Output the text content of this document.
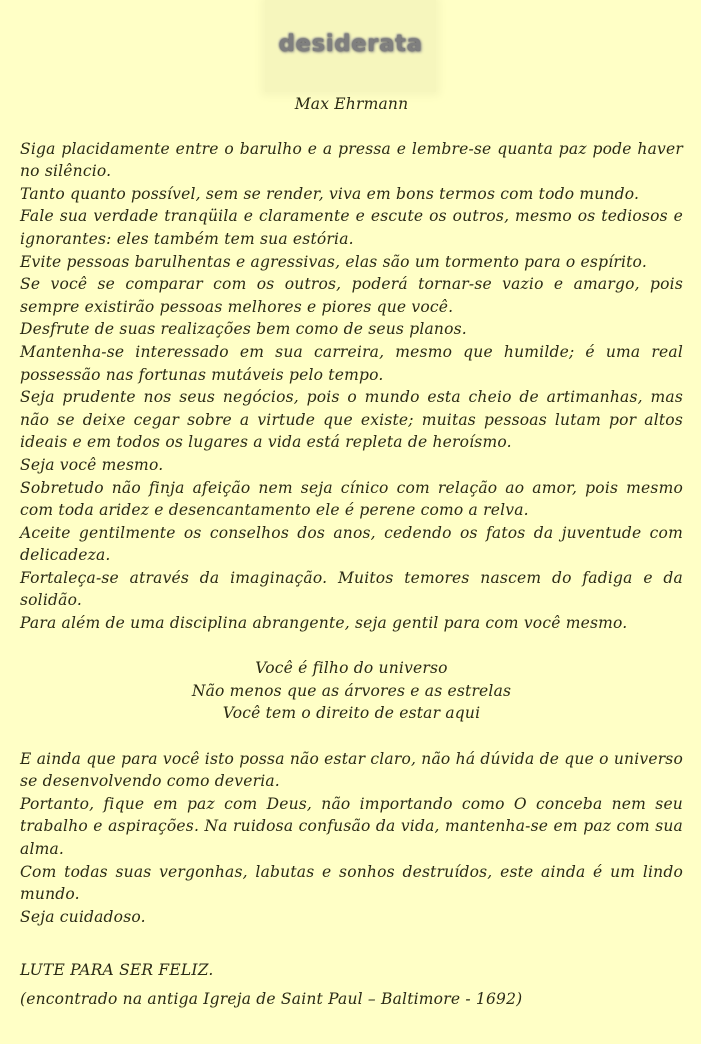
desiderata

Max Ehrmann

Siga placidamente entre o barulho e a pressa e lembre-se quanta paz pode haver no silêncio.

Tanto quanto possível, sem se render, viva em bons termos com todo mundo.

Fale sua verdade tranqüila e claramente e escute os outros, mesmo os tediosos e ignorantes: eles também tem sua estória.

Evite pessoas barulhentas e agressivas, elas são um tormento para o espírito.

Se você se comparar com os outros, poderá tornar-se vazio e amargo, pois sempre existirão pessoas melhores e piores que você.

Desfrute de suas realizações bem como de seus planos.

Mantenha-se interessado em sua carreira, mesmo que humilde; é uma real possessão nas fortunas mutáveis pelo tempo.

Seja prudente nos seus negócios, pois o mundo esta cheio de artimanhas, mas não se deixe cegar sobre a virtude que existe; muitas pessoas lutam por altos ideais e em todos os lugares a vida está repleta de heroísmo.

Seja você mesmo.

Sobretudo não finja afeição nem seja cínico com relação ao amor, pois mesmo com toda aridez e desencantamento ele é perene como a relva.

Aceite gentilmente os conselhos dos anos, cedendo os fatos da juventude com delicadeza.

Fortaleça-se através da imaginação. Muitos temores nascem do fadiga e da solidão.

Para além de uma disciplina abrangente, seja gentil para com você mesmo.

Você é filho do universo

Não menos que as árvores e as estrelas

Você tem o direito de estar aqui

E ainda que para você isto possa não estar claro, não há dúvida de que o universo se desenvolvendo como deveria.

Portanto, fique em paz com Deus, não importando como O conceba nem seu trabalho e aspirações. Na ruidosa confusão da vida, mantenha-se em paz com sua alma.

Com todas suas vergonhas, labutas e sonhos destruídos, este ainda é um lindo mundo.

Seja cuidadoso.

LUTE PARA SER FELIZ.

(encontrado na antiga Igreja de Saint Paul – Baltimore - 1692)
